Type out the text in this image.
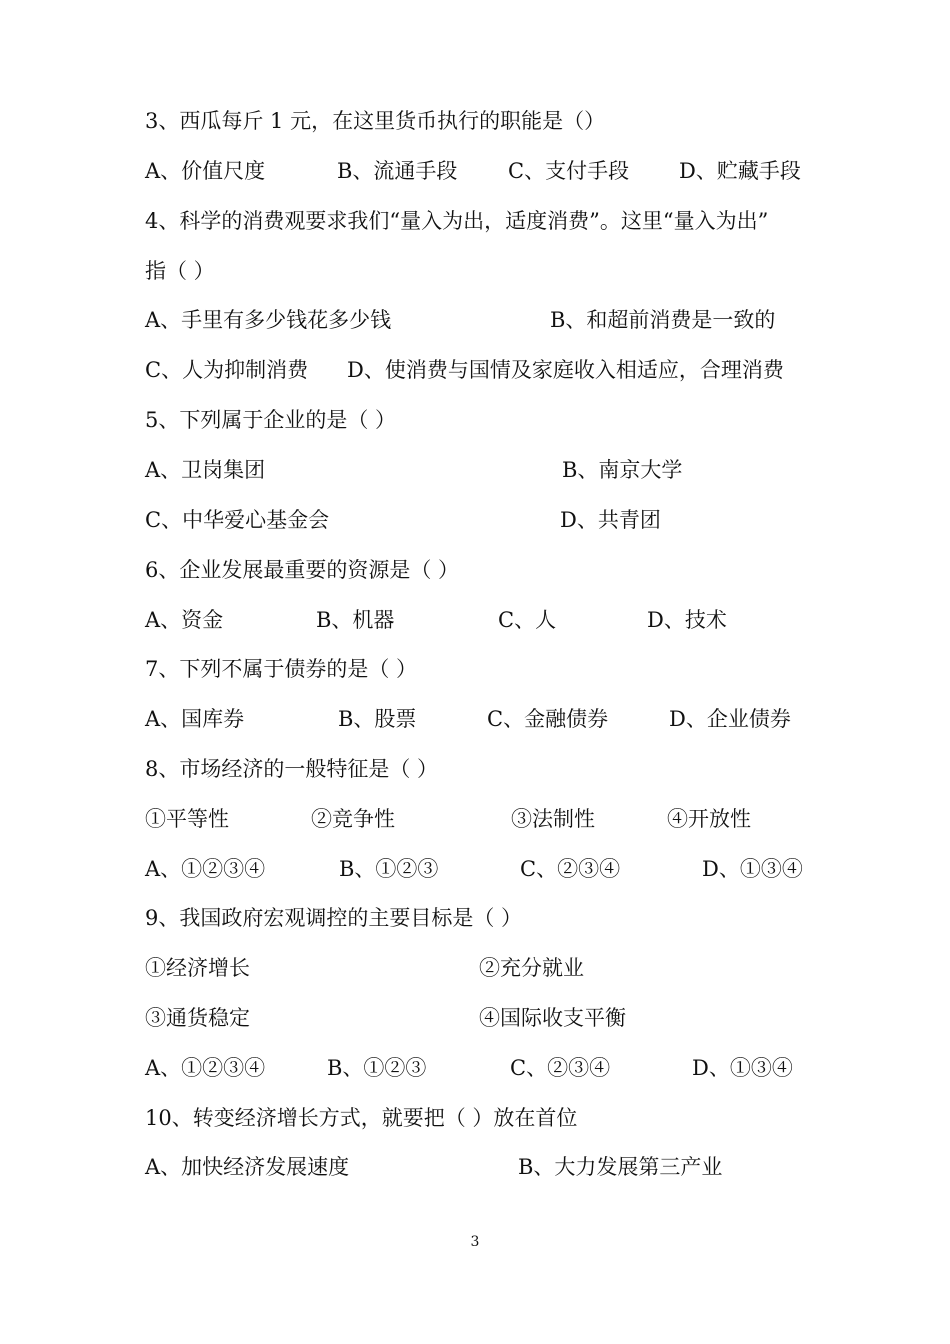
3、西瓜每斤 1 元，在这里货币执行的职能是（）
A、价值尺度	B、流通手段 C、支付手段 D、贮藏手段
4、科学的消费观要求我们“量入为出，适度消费”。这里“量入为出”
指（ ）
A、手里有多少钱花多少钱	B、和超前消费是一致的
C、人为抑制消费 D、使消费与国情及家庭收入相适应，合理消费
5、下列属于企业的是（ ）
A、卫岗集团	B、南京大学
C、中华爱心基金会	D、共青团
6、企业发展最重要的资源是（ ）
A、资金	B、机器	C、人	D、技术
7、下列不属于债券的是（ ）
A、国库券	B、股票	C、金融债券	D、企业债券
8、市场经济的一般特征是（ ）
①平等性	②竞争性	③法制性	④开放性
A、①②③④	B、①②③	C、②③④	D、①③④
9、我国政府宏观调控的主要目标是（ ）
①经济增长	②充分就业
③通货稳定	④国际收支平衡
A、①②③④	B、①②③	C、②③④	D、①③④
10、转变经济增长方式，就要把（ ）放在首位
A、加快经济发展速度	B、大力发展第三产业
3
